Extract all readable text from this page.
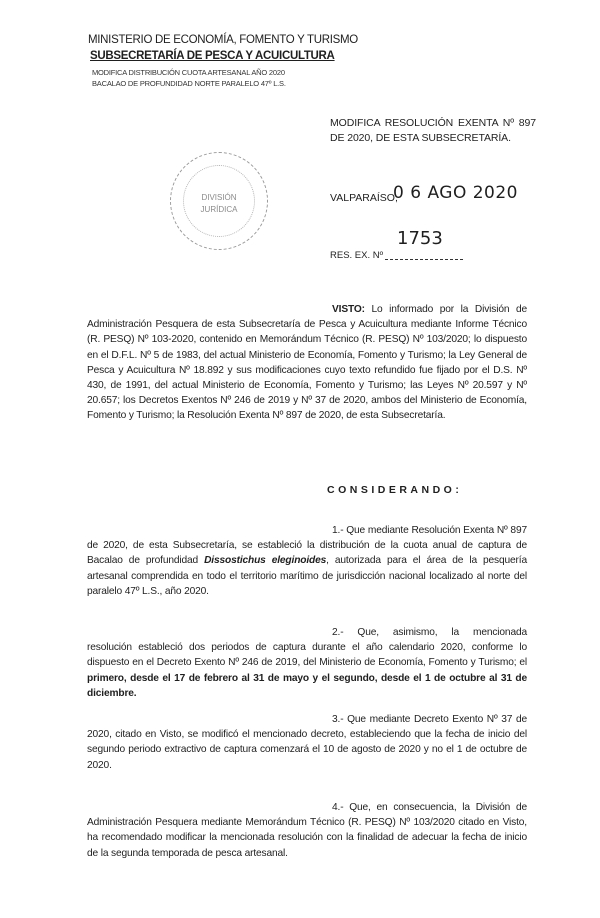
MINISTERIO DE ECONOMÍA, FOMENTO Y TURISMO
SUBSECRETARÍA DE PESCA Y ACUICULTURA
MODIFICA DISTRIBUCIÓN CUOTA ARTESANAL AÑO 2020
BACALAO DE PROFUNDIDAD NORTE PARALELO 47º L.S.
MODIFICA RESOLUCIÓN EXENTA Nº 897 DE 2020, DE ESTA SUBSECRETARÍA.
DIVISIÓN
JURÍDICA
VALPARAÍSO,
0 6 AGO 2020
RES. EX. Nº
1753
VISTO: Lo informado por la División de Administración Pesquera de esta Subsecretaría de Pesca y Acuicultura mediante Informe Técnico (R. PESQ) Nº 103-2020, contenido en Memorándum Técnico (R. PESQ) Nº 103/2020; lo dispuesto en el D.F.L. Nº 5 de 1983, del actual Ministerio de Economía, Fomento y Turismo; la Ley General de Pesca y Acuicultura Nº 18.892 y sus modificaciones cuyo texto refundido fue fijado por el D.S. Nº 430, de 1991, del actual Ministerio de Economía, Fomento y Turismo; las Leyes Nº 20.597 y Nº 20.657; los Decretos Exentos Nº 246 de 2019 y Nº 37 de 2020, ambos del Ministerio de Economía, Fomento y Turismo; la Resolución Exenta Nº 897 de 2020, de esta Subsecretaría.
CONSIDERANDO:
1.- Que mediante Resolución Exenta Nº 897 de 2020, de esta Subsecretaría, se estableció la distribución de la cuota anual de captura de Bacalao de profundidad Dissostichus eleginoides, autorizada para el área de la pesquería artesanal comprendida en todo el territorio marítimo de jurisdicción nacional localizado al norte del paralelo 47º L.S., año 2020.
2.- Que, asimismo, la mencionada resolución estableció dos periodos de captura durante el año calendario 2020, conforme lo dispuesto en el Decreto Exento Nº 246 de 2019, del Ministerio de Economía, Fomento y Turismo; el primero, desde el 17 de febrero al 31 de mayo y el segundo, desde el 1 de octubre al 31 de diciembre.
3.- Que mediante Decreto Exento Nº 37 de 2020, citado en Visto, se modificó el mencionado decreto, estableciendo que la fecha de inicio del segundo periodo extractivo de captura comenzará el 10 de agosto de 2020 y no el 1 de octubre de 2020.
4.- Que, en consecuencia, la División de Administración Pesquera mediante Memorándum Técnico (R. PESQ) Nº 103/2020 citado en Visto, ha recomendado modificar la mencionada resolución con la finalidad de adecuar la fecha de inicio de la segunda temporada de pesca artesanal.
